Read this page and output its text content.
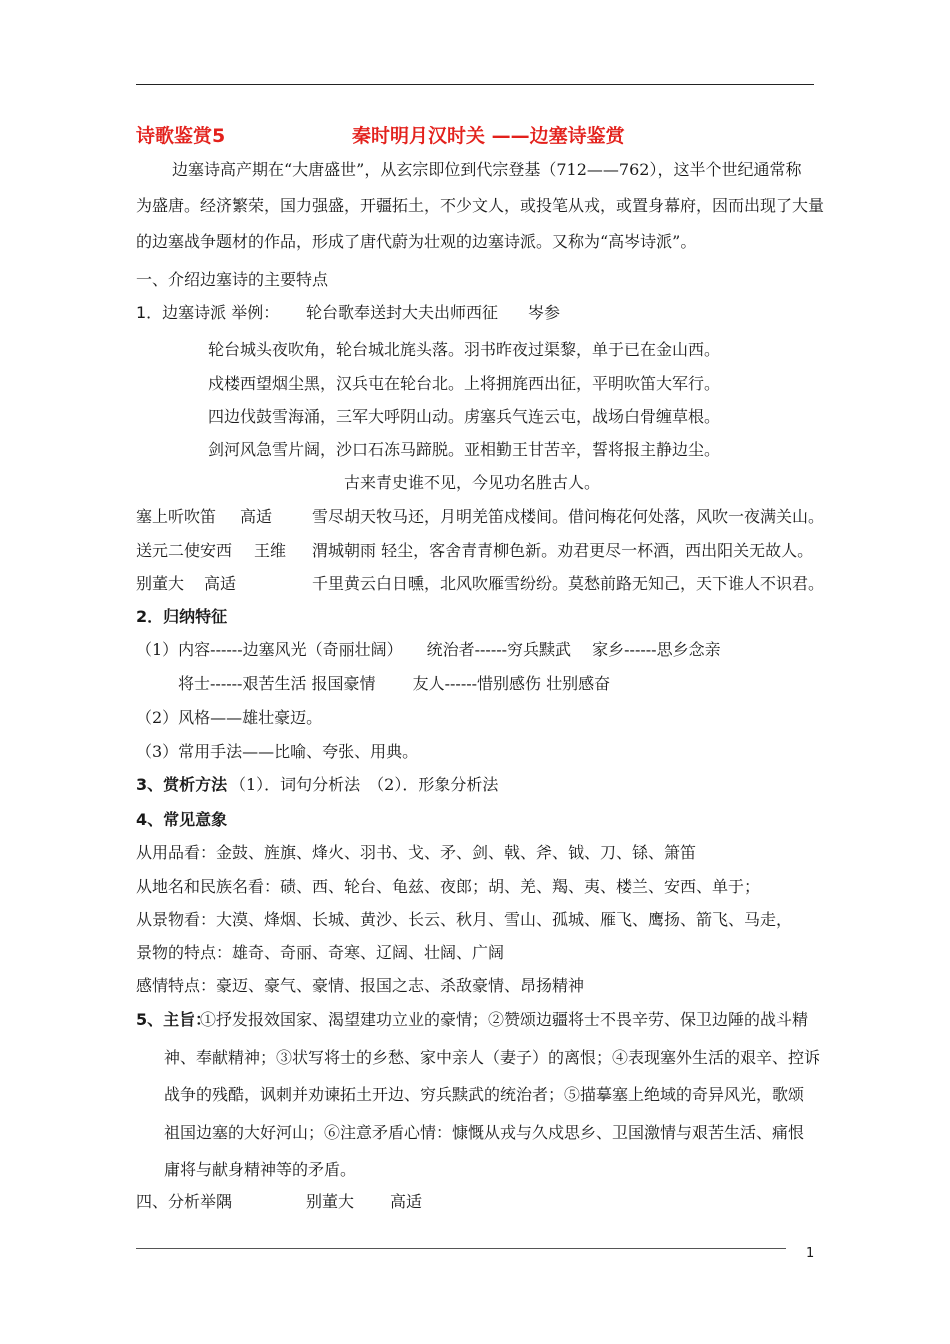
诗歌鉴赏5	秦时明月汉时关 ——边塞诗鉴赏
边塞诗高产期在“大唐盛世”，从玄宗即位到代宗登基（712——762），这半个世纪通常称
为盛唐。经济繁荣，国力强盛，开疆拓土，不少文人，或投笔从戎，或置身幕府，因而出现了大量
的边塞战争题材的作品，形成了唐代蔚为壮观的边塞诗派。又称为“高岑诗派”。
一、介绍边塞诗的主要特点
1．边塞诗派 举例： 轮台歌奉送封大夫出师西征 岑参
轮台城头夜吹角，轮台城北旄头落。羽书昨夜过渠黎，单于已在金山西。
戍楼西望烟尘黑，汉兵屯在轮台北。上将拥旄西出征，平明吹笛大军行。
四边伐鼓雪海涌，三军大呼阴山动。虏塞兵气连云屯，战场白骨缠草根。
剑河风急雪片阔，沙口石冻马蹄脱。亚相勤王甘苦辛，誓将报主静边尘。
古来青史谁不见，今见功名胜古人。
塞上听吹笛 高适 雪尽胡天牧马还，月明羌笛戍楼间。借问梅花何处落，风吹一夜满关山。
送元二使安西 王维 渭城朝雨 轻尘，客舍青青柳色新。劝君更尽一杯酒，西出阳关无故人。
别董大 高适	千里黄云白日曛，北风吹雁雪纷纷。莫愁前路无知己，天下谁人不识君。
2．归纳特征
（1）内容------边塞风光（奇丽壮阔）　　统治者------穷兵黩武　 家乡------思乡念亲
将士------艰苦生活 报国豪情　　 友人------惜别感伤 壮别感奋
（2）风格——雄壮豪迈。
（3）常用手法——比喻、夸张、用典。
3、赏析方法 （1）．词句分析法　（2）．形象分析法
4、常见意象
从用品看：金鼓、旌旗、烽火、羽书、戈、矛、剑、戟、斧、钺、刀、铩、箫笛
从地名和民族名看：碛、西、轮台、龟兹、夜郎；胡、羌、羯、夷、楼兰、安西、单于；
从景物看：大漠、烽烟、长城、黄沙、长云、秋月、雪山、孤城、雁飞、鹰扬、箭飞、马走，
景物的特点：雄奇、奇丽、奇寒、辽阔、壮阔、广阔
感情特点：豪迈、豪气、豪情、报国之志、杀敌豪情、昂扬精神
5、主旨：
①抒发报效国家、渴望建功立业的豪情；②赞颂边疆将士不畏辛劳、保卫边陲的战斗精
神、奉献精神；③状写将士的乡愁、家中亲人（妻子）的离恨；④表现塞外生活的艰辛、控诉
战争的残酷，讽刺并劝谏拓土开边、穷兵黩武的统治者；⑤描摹塞上绝域的奇异风光，歌颂
祖国边塞的大好河山；⑥注意矛盾心情：慷慨从戎与久戍思乡、卫国激情与艰苦生活、痛恨
庸将与献身精神等的矛盾。
四、分析举隅	别董大 高适
1
